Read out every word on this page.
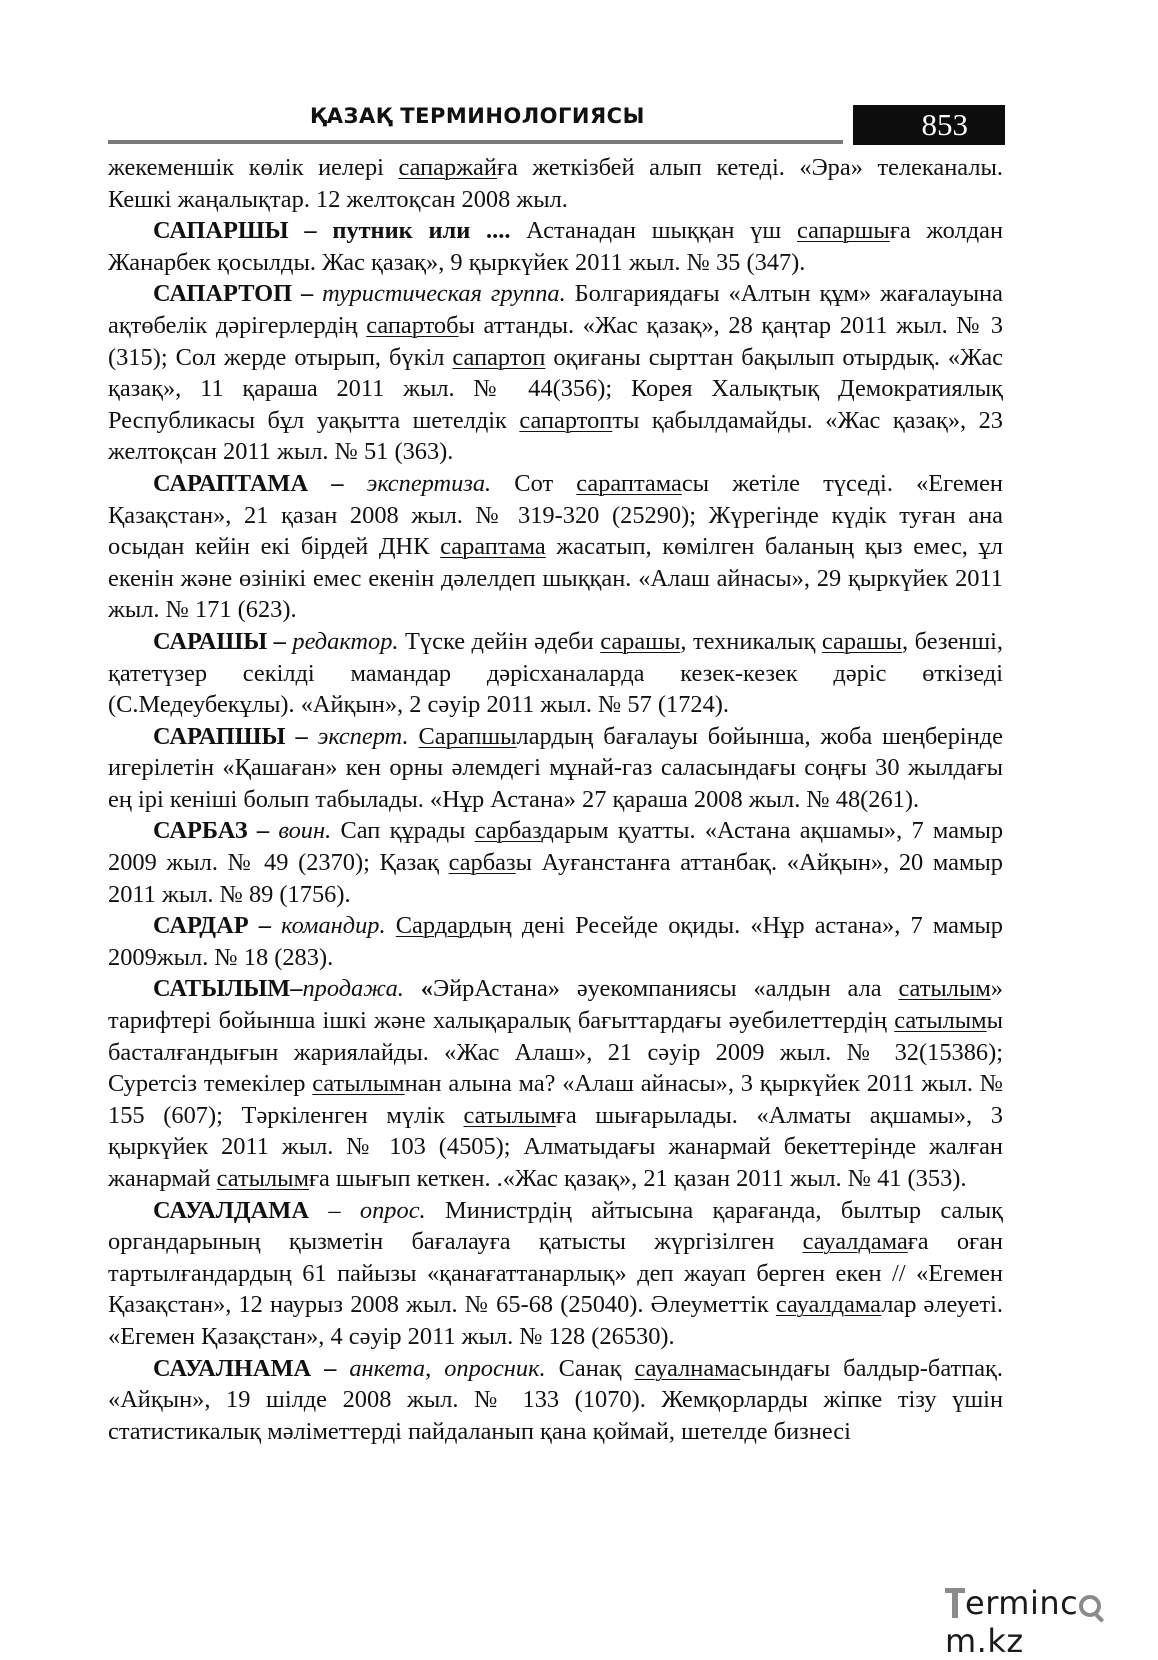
ҚАЗАҚ ТЕРМИНОЛОГИЯСЫ	853

жекеменшік көлік иелері сапаржайға жеткізбей алып кетеді. «Эра» телеканалы. Кешкі жаңалықтар. 12 желтоқсан 2008 жыл.

САПАРШЫ – путник или .... Астанадан шыққан үш сапаршыға жолдан Жанарбек қосылды. Жас қазақ», 9 қыркүйек 2011 жыл. № 35 (347).

САПАРТОП – туристическая группа. Болгариядағы «Алтын құм» жағалауына ақтөбелік дәрігерлердің сапартобы аттанды. «Жас қазақ», 28 қаңтар 2011 жыл. № 3 (315); Сол жерде отырып, бүкіл сапартоп оқиғаны сырттан бақылып отырдық. «Жас қазақ», 11 қараша 2011 жыл. № 44(356); Корея Халықтық Демократиялық Республикасы бұл уақытта шетелдік сапартопты қабылдамайды. «Жас қазақ», 23 желтоқсан 2011 жыл. № 51 (363).

САРАПТАМА – экспертиза. Сот сараптамасы жетіле түседі. «Егемен Қазақстан», 21 қазан 2008 жыл. № 319-320 (25290); Жүрегінде күдік туған ана осыдан кейін екі бірдей ДНК сараптама жасатып, көмілген баланың қыз емес, ұл екенін және өзінікі емес екенін дәлелдеп шыққан. «Алаш айнасы», 29 қыркүйек 2011 жыл. № 171 (623).

САРАШЫ – редактор. Түске дейін әдеби сарашы, техникалық сарашы, безенші, қатетүзер секілді мамандар дәрісханаларда кезек-кезек дәріс өткізеді (С.Медеубекұлы). «Айқын», 2 сәуір 2011 жыл. № 57 (1724).

САРАПШЫ – эксперт. Сарапшылардың бағалауы бойынша, жоба шеңберінде игерілетін «Қашаған» кен орны әлемдегі мұнай-газ саласындағы соңғы 30 жылдағы ең ірі кеніші болып табылады. «Нұр Астана» 27 қараша 2008 жыл. № 48(261).

САРБАЗ – воин. Сап құрады сарбаздарым қуатты. «Астана ақшамы», 7 мамыр 2009 жыл. № 49 (2370); Қазақ сарбазы Ауғанстанға аттанбақ. «Айқын», 20 мамыр 2011 жыл. № 89 (1756).

САРДАР – командир. Сардардың дені Ресейде оқиды. «Нұр астана», 7 мамыр 2009жыл. № 18 (283).

САТЫЛЫМ–продажа. «ЭйрАстана» әуекомпаниясы «алдын ала сатылым» тарифтері бойынша ішкі және халықаралық бағыттардағы әуебилеттердің сатылымы басталғандығын жариялайды. «Жас Алаш», 21 сәуір 2009 жыл. № 32(15386); Суретсіз темекілер сатылымнан алына ма? «Алаш айнасы», 3 қыркүйек 2011 жыл. № 155 (607); Тәркіленген мүлік сатылымға шығарылады. «Алматы ақшамы», 3 қыркүйек 2011 жыл. № 103 (4505); Алматыдағы жанармай бекеттерінде жалған жанармай сатылымға шығып кеткен. .«Жас қазақ», 21 қазан 2011 жыл. № 41 (353).

САУАЛДАМА – опрос. Министрдің айтысына қарағанда, былтыр салық органдарының қызметін бағалауға қатысты жүргізілген сауалдамаға оған тартылғандардың 61 пайызы «қанағаттанарлық» деп жауап берген екен // «Егемен Қазақстан», 12 наурыз 2008 жыл. № 65-68 (25040). Әлеуметтік сауалдамалар әлеуеті. «Егемен Қазақстан», 4 сәуір 2011 жыл. № 128 (26530).

САУАЛНАМА – анкета, опросник. Санақ сауалнамасындағы балдыр-батпақ. «Айқын», 19 шілде 2008 жыл. № 133 (1070). Жемқорларды жіпке тізу үшін статистикалық мәліметтерді пайдаланып қана қоймай, шетелде бизнесі

ermincm.kz
